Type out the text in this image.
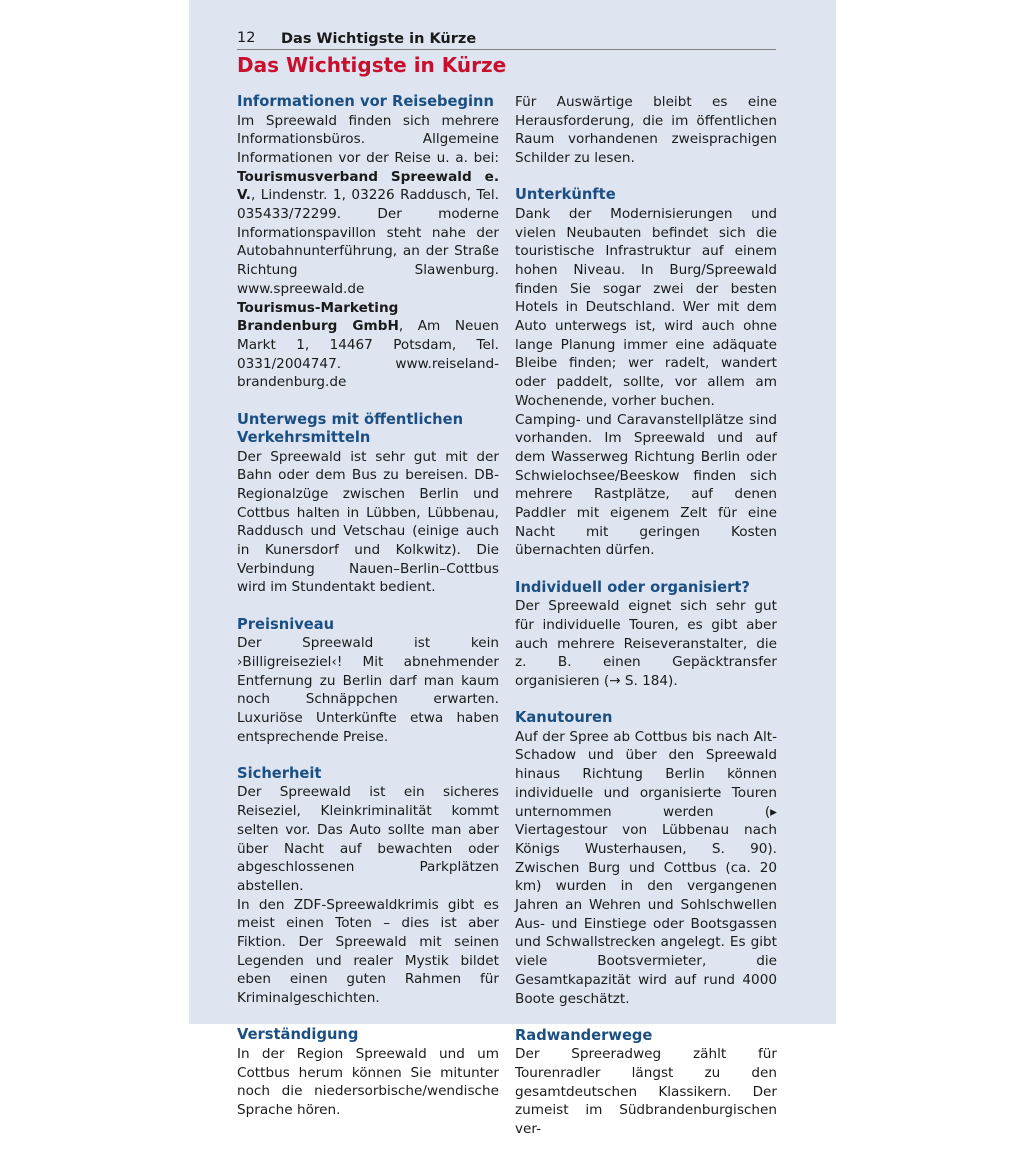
12 Das Wichtigste in Kürze
Das Wichtigste in Kürze
Informationen vor Reisebeginn

Im Spreewald finden sich mehrere Informationsbüros. Allgemeine Informationen vor der Reise u. a. bei: Tourismusverband Spreewald e. V., Lindenstr. 1, 03226 Raddusch, Tel. 035433/72299. Der moderne Informationspavillon steht nahe der Autobahnunterführung, an der Straße Richtung Slawenburg. www.spreewald.de
Tourismus-Marketing Brandenburg GmbH, Am Neuen Markt 1, 14467 Potsdam, Tel. 0331/2004747. www.reiseland-brandenburg.de

Unterwegs mit öffentlichen Verkehrsmitteln

Der Spreewald ist sehr gut mit der Bahn oder dem Bus zu bereisen. DB-Regionalzüge zwischen Berlin und Cottbus halten in Lübben, Lübbenau, Raddusch und Vetschau (einige auch in Kunersdorf und Kolkwitz). Die Verbindung Nauen–Berlin–Cottbus wird im Stundentakt bedient.

Preisniveau

Der Spreewald ist kein ›Billigreiseziel‹! Mit abnehmender Entfernung zu Berlin darf man kaum noch Schnäppchen erwarten. Luxuriöse Unterkünfte etwa haben entsprechende Preise.

Sicherheit

Der Spreewald ist ein sicheres Reiseziel, Kleinkriminalität kommt selten vor. Das Auto sollte man aber über Nacht auf bewachten oder abgeschlossenen Parkplätzen abstellen.

In den ZDF-Spreewaldkrimis gibt es meist einen Toten – dies ist aber Fiktion. Der Spreewald mit seinen Legenden und realer Mystik bildet eben einen guten Rahmen für Kriminalgeschichten.

Verständigung

In der Region Spreewald und um Cottbus herum können Sie mitunter noch die niedersorbische/wendische Sprache hören.

Für Auswärtige bleibt es eine Herausforderung, die im öffentlichen Raum vorhandenen zweisprachigen Schilder zu lesen.

Unterkünfte

Dank der Modernisierungen und vielen Neubauten befindet sich die touristische Infrastruktur auf einem hohen Niveau. In Burg/Spreewald finden Sie sogar zwei der besten Hotels in Deutschland. Wer mit dem Auto unterwegs ist, wird auch ohne lange Planung immer eine adäquate Bleibe finden; wer radelt, wandert oder paddelt, sollte, vor allem am Wochenende, vorher buchen.

Camping- und Caravanstellplätze sind vorhanden. Im Spreewald und auf dem Wasserweg Richtung Berlin oder Schwielochsee/Beeskow finden sich mehrere Rastplätze, auf denen Paddler mit eigenem Zelt für eine Nacht mit geringen Kosten übernachten dürfen.

Individuell oder organisiert?

Der Spreewald eignet sich sehr gut für individuelle Touren, es gibt aber auch mehrere Reiseveranstalter, die z. B. einen Gepäcktransfer organisieren (→ S. 184).

Kanutouren

Auf der Spree ab Cottbus bis nach Alt-Schadow und über den Spreewald hinaus Richtung Berlin können individuelle und organisierte Touren unternommen werden (▸ Viertagestour von Lübbenau nach Königs Wusterhausen, S. 90). Zwischen Burg und Cottbus (ca. 20 km) wurden in den vergangenen Jahren an Wehren und Sohlschwellen Aus- und Einstiege oder Bootsgassen und Schwallstrecken angelegt. Es gibt viele Bootsvermieter, die Gesamtkapazität wird auf rund 4000 Boote geschätzt.

Radwanderwege

Der Spreeradweg zählt für Tourenradler längst zu den gesamtdeutschen Klassikern. Der zumeist im Südbrandenburgischen ver-
